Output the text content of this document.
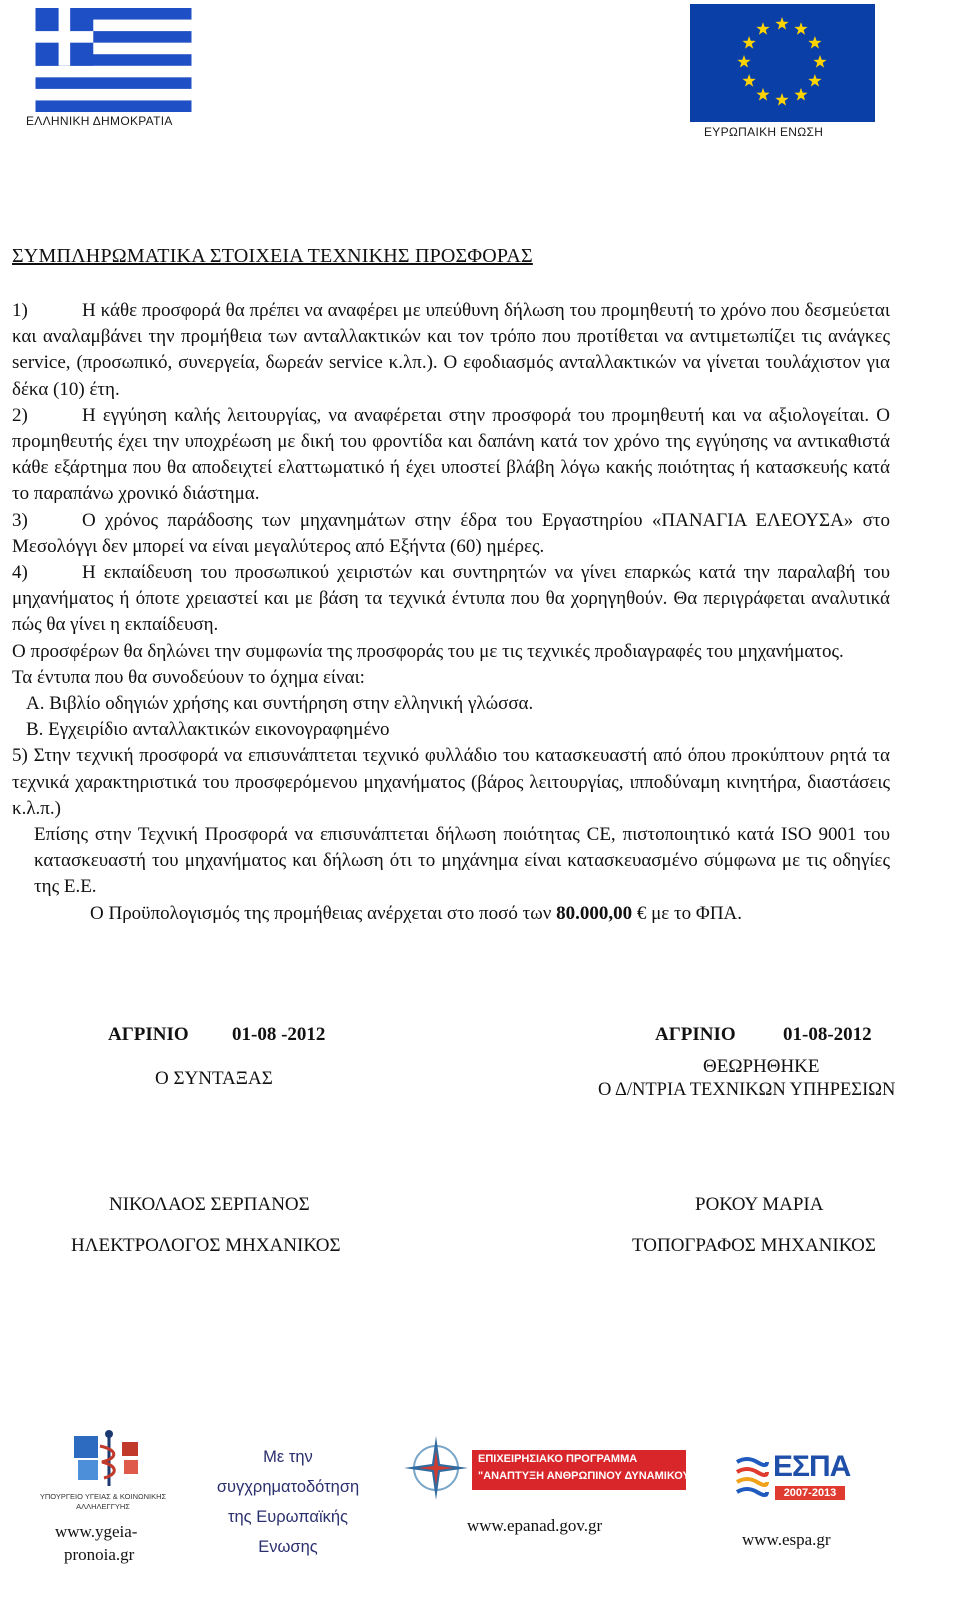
ΕΛΛΗΝΙΚΗ ΔΗΜΟΚΡΑΤΙΑ
ΕΥΡΩΠΑΙΚΗ ΕΝΩΣΗ
ΣΥΜΠΛΗΡΩΜΑΤΙΚΑ ΣΤΟΙΧΕΙΑ ΤΕΧΝΙΚΗΣ ΠΡΟΣΦΟΡΑΣ

1)	Η κάθε προσφορά θα πρέπει να αναφέρει με υπεύθυνη δήλωση του προμηθευτή το χρόνο που δεσμεύεται και αναλαμβάνει την προμήθεια των ανταλλακτικών και τον τρόπο που προτίθεται να αντιμετωπίζει τις ανάγκες service, (προσωπικό, συνεργεία, δωρεάν service κ.λπ.). Ο εφοδιασμός ανταλλακτικών να γίνεται τουλάχιστον για δέκα (10) έτη.

2)	Η εγγύηση καλής λειτουργίας, να αναφέρεται στην προσφορά του προμηθευτή και να αξιολογείται. Ο προμηθευτής έχει την υποχρέωση με δική του φροντίδα και δαπάνη κατά τον χρόνο της εγγύησης να αντικαθιστά κάθε εξάρτημα που θα αποδειχτεί ελαττωματικό ή έχει υποστεί βλάβη λόγω κακής ποιότητας ή κατασκευής κατά το παραπάνω χρονικό διάστημα.

3)	Ο χρόνος παράδοσης των μηχανημάτων στην έδρα του Εργαστηρίου «ΠΑΝΑΓΙΑ ΕΛΕΟΥΣΑ» στο Μεσολόγγι δεν μπορεί να είναι μεγαλύτερος από Εξήντα (60) ημέρες.

4)	Η εκπαίδευση του προσωπικού χειριστών και συντηρητών να γίνει επαρκώς κατά την παραλαβή του μηχανήματος ή όποτε χρειαστεί και με βάση τα τεχνικά έντυπα που θα χορηγηθούν. Θα περιγράφεται αναλυτικά πώς θα γίνει η εκπαίδευση.

Ο προσφέρων θα δηλώνει την συμφωνία της προσφοράς του με τις τεχνικές προδιαγραφές του μηχανήματος.

Τα έντυπα που θα συνοδεύουν το όχημα είναι:

Α. Βιβλίο οδηγιών χρήσης και συντήρηση στην ελληνική γλώσσα.

Β. Εγχειρίδιο ανταλλακτικών εικονογραφημένο

5) Στην τεχνική προσφορά να επισυνάπτεται τεχνικό φυλλάδιο του κατασκευαστή από όπου προκύπτουν ρητά τα τεχνικά χαρακτηριστικά του προσφερόμενου μηχανήματος (βάρος λειτουργίας, ιπποδύναμη κινητήρα, διαστάσεις κ.λ.π.)

Επίσης στην Τεχνική Προσφορά να επισυνάπτεται δήλωση ποιότητας CE, πιστοποιητικό κατά ISO 9001 του κατασκευαστή του μηχανήματος και δήλωση ότι το μηχάνημα είναι κατασκευασμένο σύμφωνα με τις οδηγίες της Ε.Ε.

Ο Προϋπολογισμός της προμήθειας ανέρχεται στο ποσό των 80.000,00 € με το ΦΠΑ.

ΑΓΡΙΝΙΟ 01-08 -2012
Ο ΣΥΝΤΑΞΑΣ
ΝΙΚΟΛΑΟΣ ΣΕΡΠΑΝΟΣ
ΗΛΕΚΤΡΟΛΟΓΟΣ ΜΗΧΑΝΙΚΟΣ
ΑΓΡΙΝΙΟ 01-08-2012
ΘΕΩΡΗΘΗΚΕ
Ο Δ/ΝΤΡΙΑ ΤΕΧΝΙΚΩΝ ΥΠΗΡΕΣΙΩΝ
ΡΟΚΟΥ ΜΑΡΙΑ
ΤΟΠΟΓΡΑΦΟΣ ΜΗΧΑΝΙΚΟΣ
ΥΠΟΥΡΓΕΙΟ ΥΓΕΙΑΣ & ΚΟΙΝΩΝΙΚΗΣ ΑΛΛΗΛΕΓΓΥΗΣ
www.ygeia-
pronoia.gr
Με την
συγχρηματοδότηση
της Ευρωπαϊκής
Ενωσης
ΕΠΙΧΕΙΡΗΣΙΑΚΟ ΠΡΟΓΡΑΜΜΑ
"ΑΝΑΠΤΥΞΗ ΑΝΘΡΩΠΙΝΟΥ ΔΥΝΑΜΙΚΟΥ"
www.epanad.gov.gr
ΕΣΠΑ
2007-2013
www.espa.gr
